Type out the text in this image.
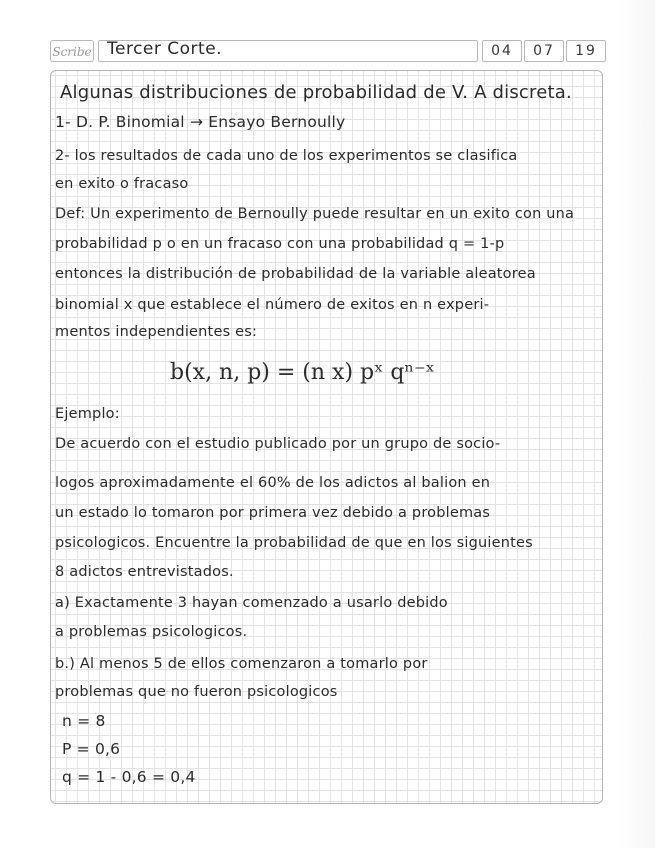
Scribe Tercer Corte.	04	07	19
Algunas distribuciones de probabilidad de V. A discreta.
1- D. P. Binomial → Ensayo Bernoully
2- los resultados de cada uno de los experimentos se clasifica
en exito o fracaso
Def: Un experimento de Bernoully puede resultar en un exito con una
probabilidad p o en un fracaso con una probabilidad q = 1-p
entonces la distribución de probabilidad de la variable aleatorea
binomial x que establece el número de exitos en n experi-
mentos independientes es:
b(x, n, p) = (n x) pˣ qⁿ⁻ˣ
Ejemplo:
De acuerdo con el estudio publicado por un grupo de socio-
logos aproximadamente el 60% de los adictos al balion en
un estado lo tomaron por primera vez debido a problemas
psicologicos. Encuentre la probabilidad de que en los siguientes
8 adictos entrevistados.
a) Exactamente 3 hayan comenzado a usarlo debido
a problemas psicologicos.
b.) Al menos 5 de ellos comenzaron a tomarlo por
problemas que no fueron psicologicos
n = 8
P = 0,6
q = 1 - 0,6 = 0,4
